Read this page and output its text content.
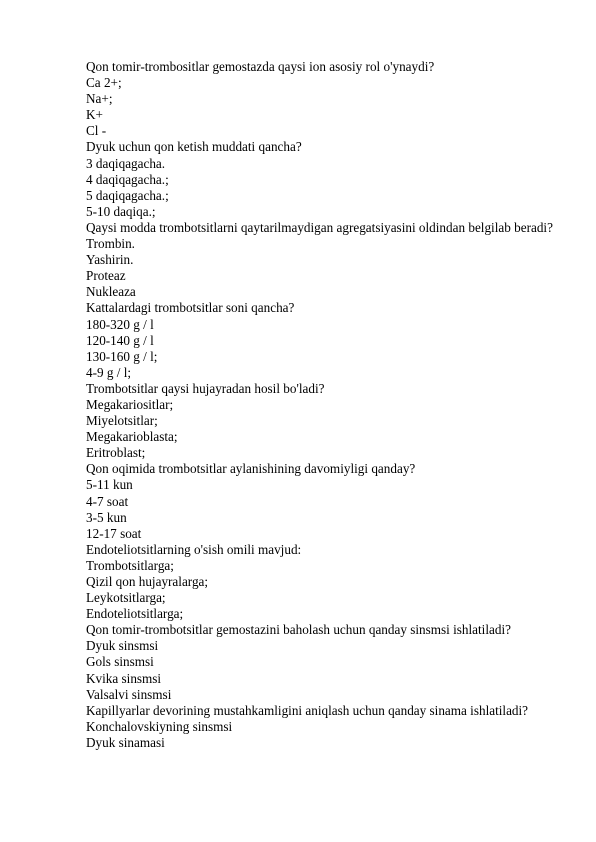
Qon tomir-trombositlar gemostazda qaysi ion asosiy rol o'ynaydi?
Ca 2+;
Na+;
K+
Cl -
Dyuk uchun qon ketish muddati qancha?
3 daqiqagacha.
4 daqiqagacha.;
5 daqiqagacha.;
5-10 daqiqa.;
Qaysi modda trombotsitlarni qaytarilmaydigan agregatsiyasini oldindan belgilab beradi?
Trombin.
Yashirin.
Proteaz
Nukleaza
Kattalardagi trombotsitlar soni qancha?
180-320 g / l
120-140 g / l
130-160 g / l;
4-9 g / l;
Trombotsitlar qaysi hujayradan hosil bo'ladi?
Megakariositlar;
Miyelotsitlar;
Megakarioblasta;
Eritroblast;
Qon oqimida trombotsitlar aylanishining davomiyligi qanday?
5-11 kun
4-7 soat
3-5 kun
12-17 soat
Endoteliotsitlarning o'sish omili mavjud:
Trombotsitlarga;
Qizil qon hujayralarga;
Leykotsitlarga;
Endoteliotsitlarga;
Qon tomir-trombotsitlar gemostazini baholash uchun qanday sinsmsi ishlatiladi?
Dyuk sinsmsi
Gols sinsmsi
Kvika sinsmsi
Valsalvi sinsmsi
Kapillyarlar devorining mustahkamligini aniqlash uchun qanday sinama ishlatiladi?
Konchalovskiyning sinsmsi
Dyuk sinamasi
